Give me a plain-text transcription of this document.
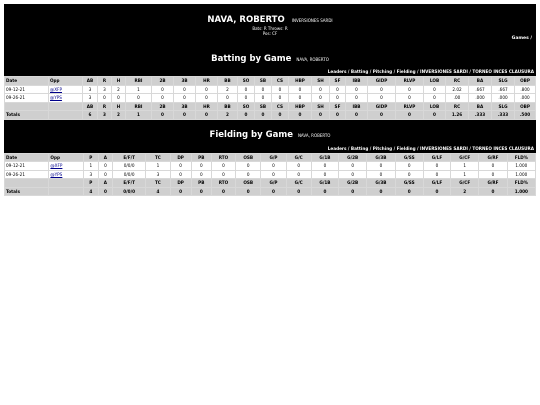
NAVA, ROBERTO INVERSIONES SARDI
Bats: R Throws: R
Pos: CF
Games /
Batting by Game NAVA, ROBERTO
Leaders / Batting / Pitching / Fielding / INVERSIONES SARDI / TORNEO INCES CLAUSURA
Date	Opp	AB	R	H	RBI	2B	3B	HR	BB	SO	SB	CS	HBP	SH	SF	IBB	GIDP	RLVP	LOB	RC	BA	SLG	OBP
09-12-21	@XFP	3	3	2	1	0	0	0	2	0	0	0	0	0	0	0	0	0	0	2.02	.667	.667	.800
09-26-21	@YPS	3	0	0	0	0	0	0	0	0	0	0	0	0	0	0	0	0	0	.00	.000	.000	.000
		AB	R	H	RBI	2B	3B	HR	BB	SO	SB	CS	HBP	SH	SF	IBB	GIDP	RLVP	LOB	RC	BA	SLG	OBP
Totals		6	3	2	1	0	0	0	2	0	0	0	0	0	0	0	0	0	0	1.26	.333	.333	.500
Fielding by Game NAVA, ROBERTO
Leaders / Batting / Pitching / Fielding / INVERSIONES SARDI / TORNEO INCES CLAUSURA
Date	Opp	P	A	E/F/T	TC	DP	PB	RTO	OSB	G/P	G/C	G/1B	G/2B	G/3B	G/SS	G/LF	G/CF	G/RF	FLD%
09-12-21	@XFP	1	0	0/0/0	1	0	0	0	0	0	0	0	0	0	0	0	1	0	1.000
09-26-21	@YPS	3	0	0/0/0	3	0	0	0	0	0	0	0	0	0	0	0	1	0	1.000
		P	A	E/F/T	TC	DP	PB	RTO	OSB	G/P	G/C	G/1B	G/2B	G/3B	G/SS	G/LF	G/CF	G/RF	FLD%
Totals		4	0	0/0/0	4	0	0	0	0	0	0	0	0	0	0	0	2	0	1.000
